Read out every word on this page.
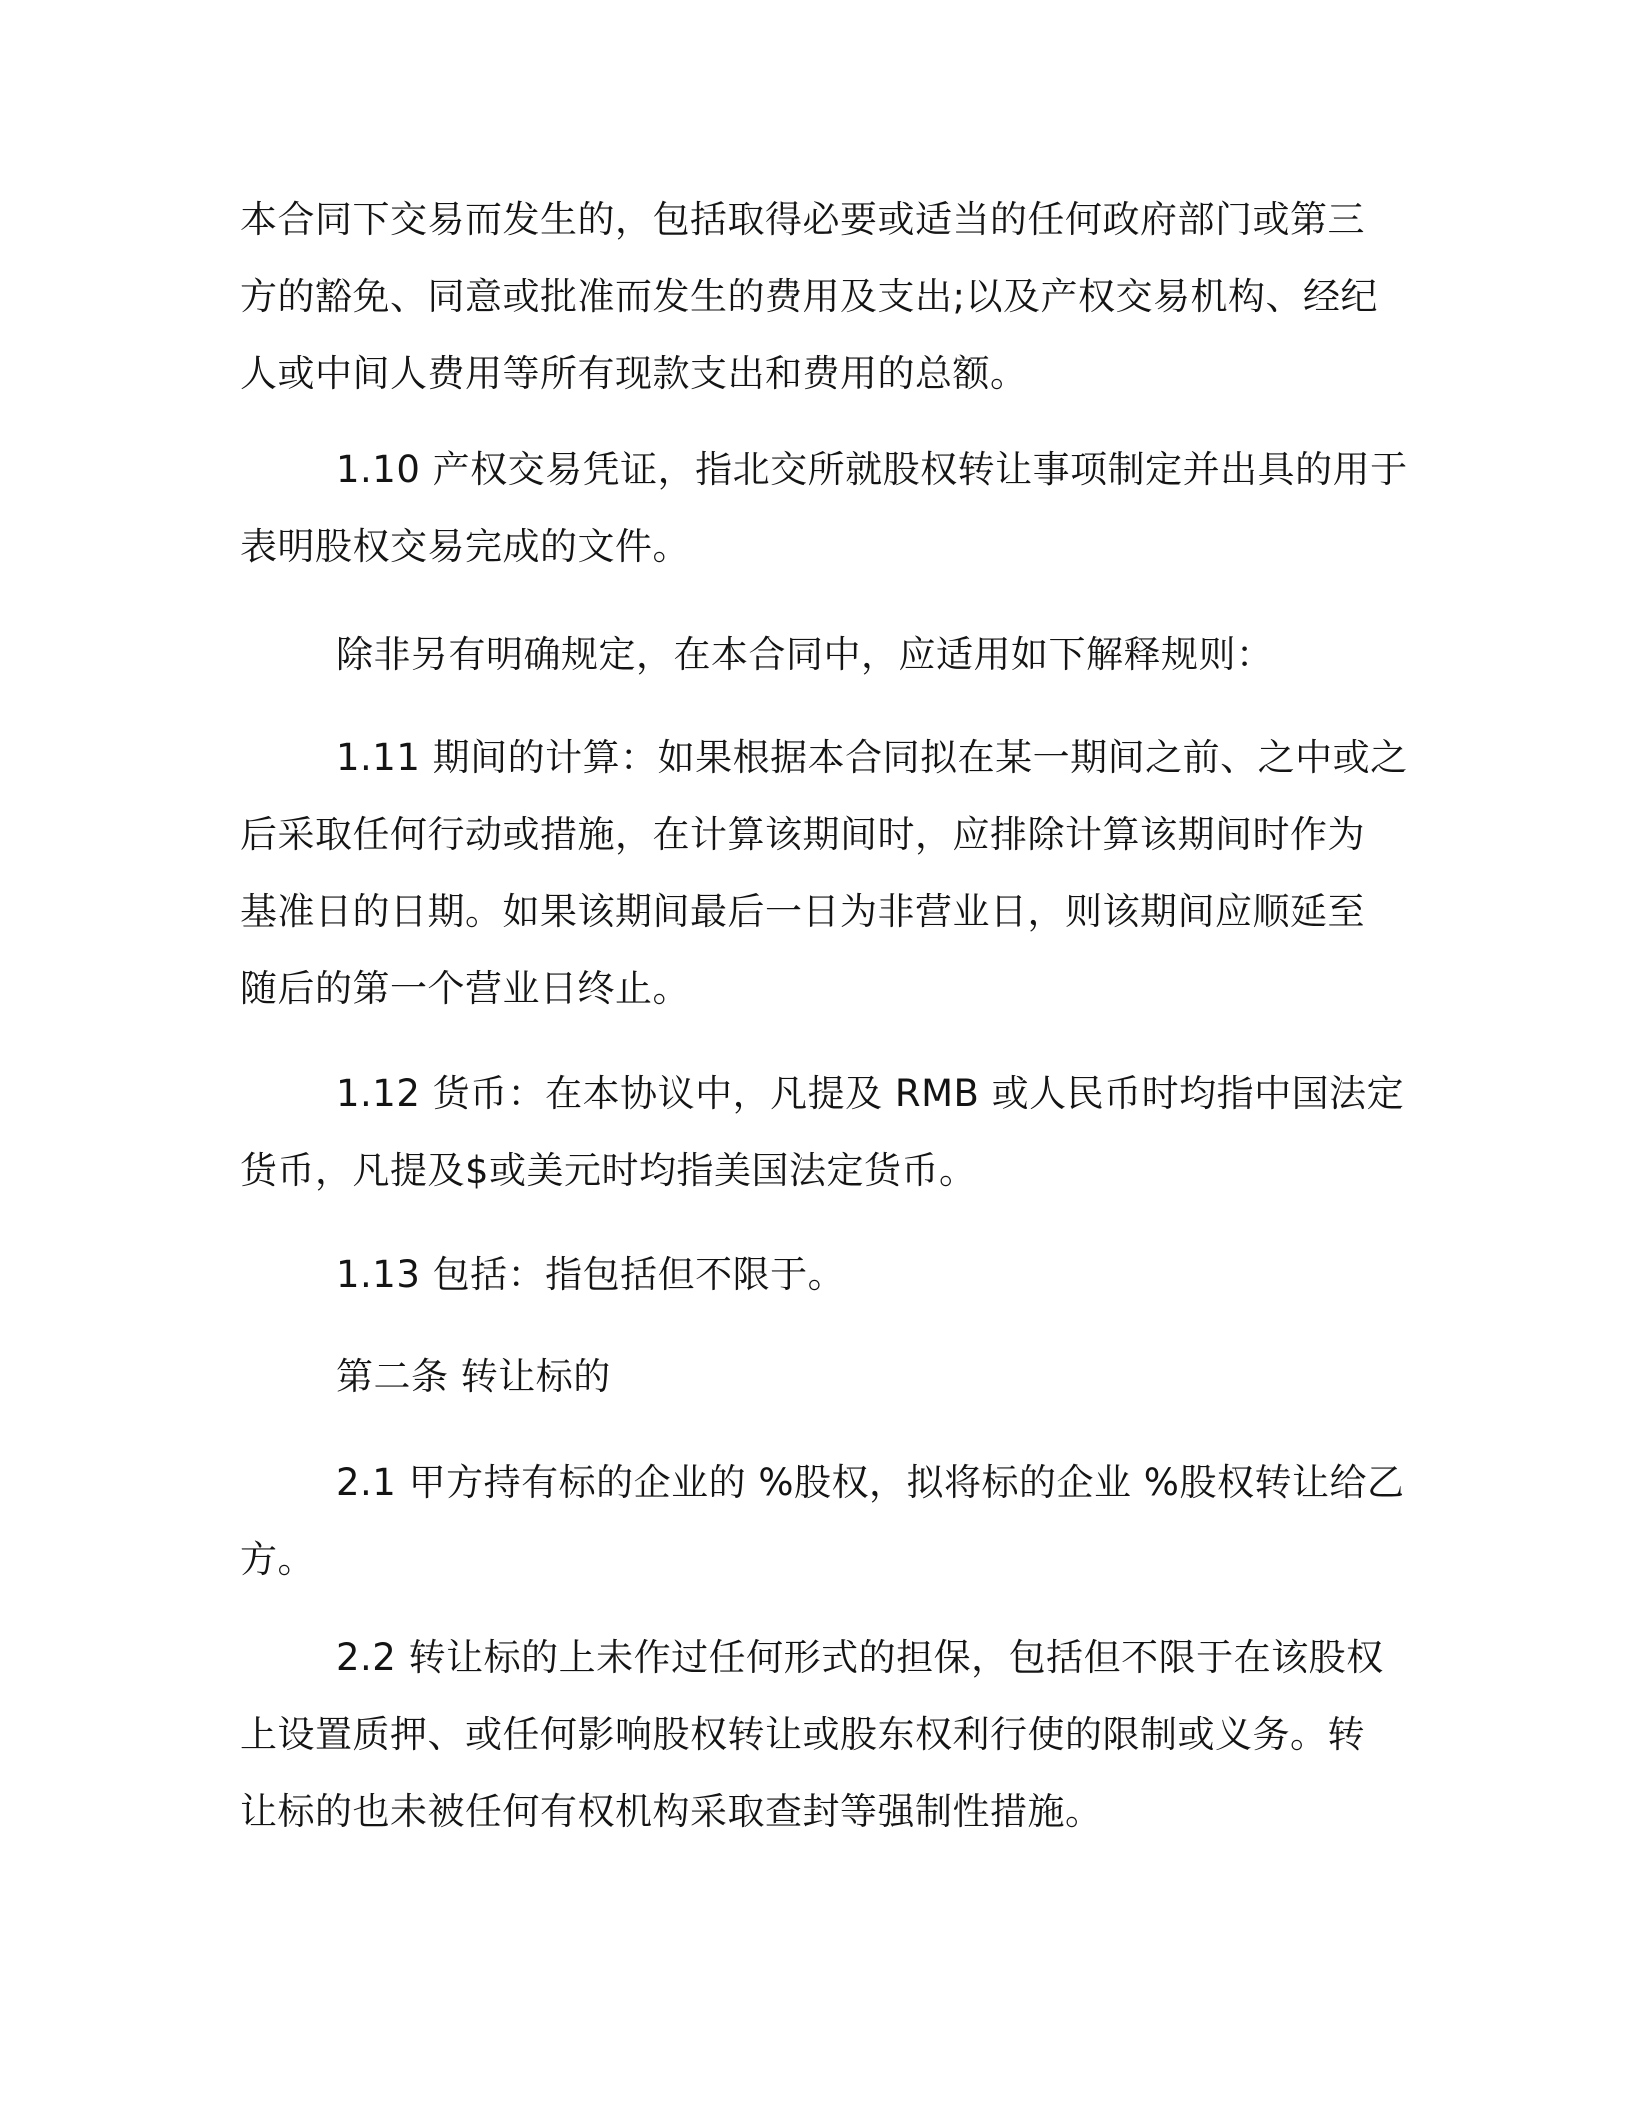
本合同下交易而发生的，包括取得必要或适当的任何政府部门或第三
方的豁免、同意或批准而发生的费用及支出;以及产权交易机构、经纪
人或中间人费用等所有现款支出和费用的总额。

1.10 产权交易凭证，指北交所就股权转让事项制定并出具的用于
表明股权交易完成的文件。

除非另有明确规定，在本合同中，应适用如下解释规则：

1.11 期间的计算：如果根据本合同拟在某一期间之前、之中或之
后采取任何行动或措施，在计算该期间时，应排除计算该期间时作为
基准日的日期。如果该期间最后一日为非营业日，则该期间应顺延至
随后的第一个营业日终止。

1.12 货币：在本协议中，凡提及 RMB 或人民币时均指中国法定
货币，凡提及$或美元时均指美国法定货币。

1.13 包括：指包括但不限于。

第二条 转让标的

2.1 甲方持有标的企业的 %股权，拟将标的企业 %股权转让给乙
方。

2.2 转让标的上未作过任何形式的担保，包括但不限于在该股权
上设置质押、或任何影响股权转让或股东权利行使的限制或义务。转
让标的也未被任何有权机构采取查封等强制性措施。
